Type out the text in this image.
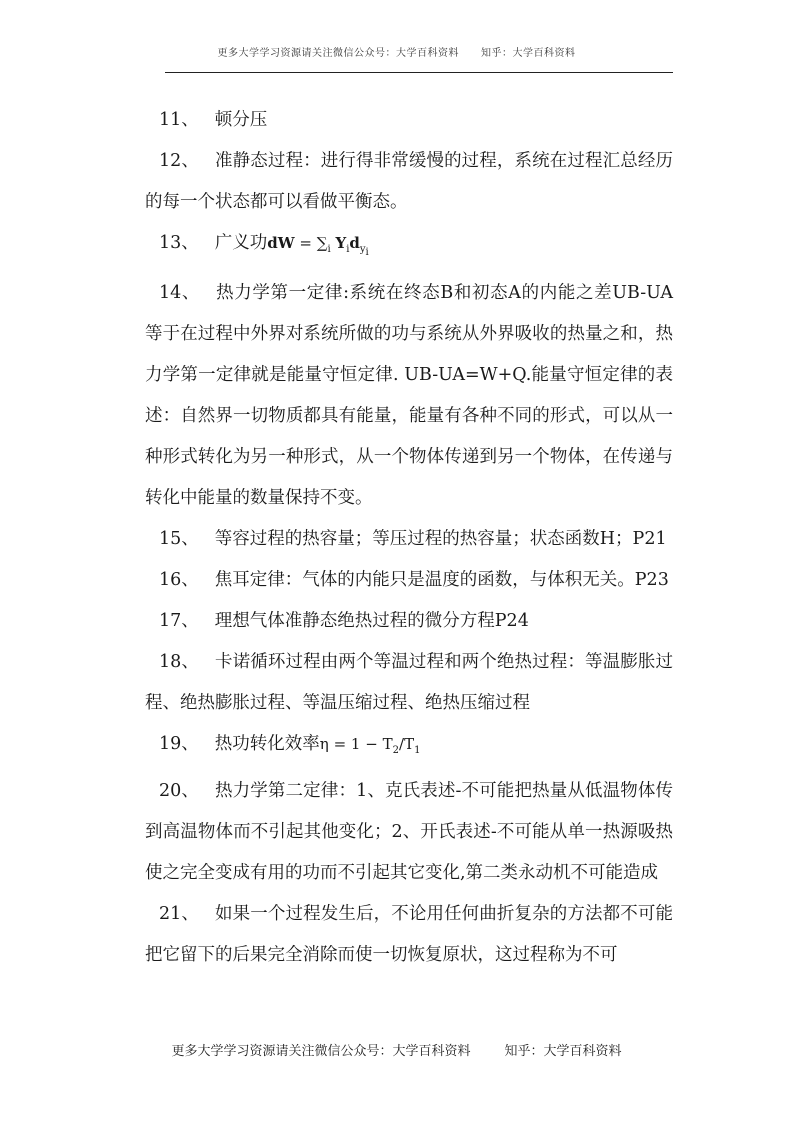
更多大学学习资源请关注微信公众号：大学百科资料 知乎：大学百科资料

11、 顿分压

12、 准静态过程：进行得非常缓慢的过程，系统在过程汇总经历的每一个状态都可以看做平衡态。

13、 广义功dW = $\sum_i$ $Y_id_{y_i}$

14、 热力学第一定律:系统在终态B和初态A的内能之差UB-UA等于在过程中外界对系统所做的功与系统从外界吸收的热量之和，热力学第一定律就是能量守恒定律. UB-UA=W+Q.能量守恒定律的表述：自然界一切物质都具有能量，能量有各种不同的形式，可以从一种形式转化为另一种形式，从一个物体传递到另一个物体，在传递与转化中能量的数量保持不变。

15、 等容过程的热容量；等压过程的热容量；状态函数H；P21

16、 焦耳定律：气体的内能只是温度的函数，与体积无关。P23

17、 理想气体准静态绝热过程的微分方程P24

18、 卡诺循环过程由两个等温过程和两个绝热过程：等温膨胀过程、绝热膨胀过程、等温压缩过程、绝热压缩过程

19、 热功转化效率$\eta = 1 - T_2/T_1$

20、 热力学第二定律：1、克氏表述-不可能把热量从低温物体传到高温物体而不引起其他变化；2、开氏表述-不可能从单一热源吸热使之完全变成有用的功而不引起其它变化,第二类永动机不可能造成

21、 如果一个过程发生后，不论用任何曲折复杂的方法都不可能把它留下的后果完全消除而使一切恢复原状，这过程称为不可

更多大学学习资源请关注微信公众号：大学百科资料	知乎：大学百科资料
